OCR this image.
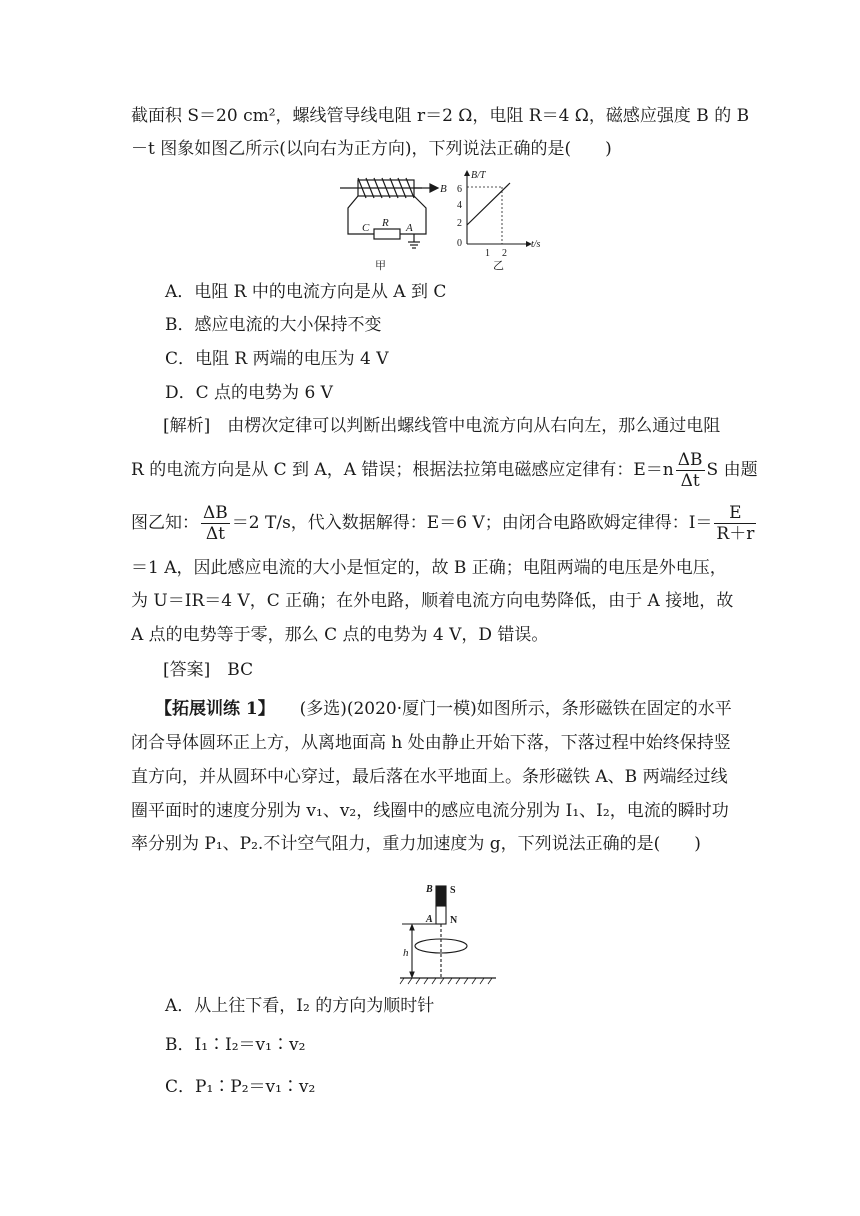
截面积 S＝20 cm²，螺线管导线电阻 r＝2 Ω，电阻 R＝4 Ω，磁感应强度 B 的 B
－t 图象如图乙所示(以向右为正方向)，下列说法正确的是(　　)
B
C R A
甲
B/T
t/s
6
4
2
0
1 2
乙
A．电阻 R 中的电流方向是从 A 到 C
B．感应电流的大小保持不变
C．电阻 R 两端的电压为 4 V
D．C 点的电势为 6 V
[解析]　由楞次定律可以判断出螺线管中电流方向从右向左，那么通过电阻
R 的电流方向是从 C 到 A，A 错误；根据法拉第电磁感应定律有：$E=n \frac{\Delta B}{\Delta t}$ S 由题
图乙知： $\frac{\Delta B}{\Delta t} =2$ T/s，代入数据解得：E＝6 V；由闭合电路欧姆定律得：$I= \frac{E}{R+r}$
＝1 A，因此感应电流的大小是恒定的，故 B 正确；电阻两端的电压是外电压，
为 U＝IR＝4 V，C 正确；在外电路，顺着电流方向电势降低，由于 A 接地，故
A 点的电势等于零，那么 C 点的电势为 4 V，D 错误。
[答案]　BC
【拓展训练 1】 (多选)(2020·厦门一模)如图所示，条形磁铁在固定的水平
闭合导体圆环正上方，从离地面高 h 处由静止开始下落，下落过程中始终保持竖
直方向，并从圆环中心穿过，最后落在水平地面上。条形磁铁 A、B 两端经过线
圈平面时的速度分别为 v₁、v₂，线圈中的感应电流分别为 I₁、I₂，电流的瞬时功
率分别为 P₁、P₂.不计空气阻力，重力加速度为 g，下列说法正确的是(　　)
B S
A N
h
A．从上往下看，I₂ 的方向为顺时针
B．I₁∶I₂＝v₁∶v₂
C．P₁∶P₂＝v₁∶v₂
